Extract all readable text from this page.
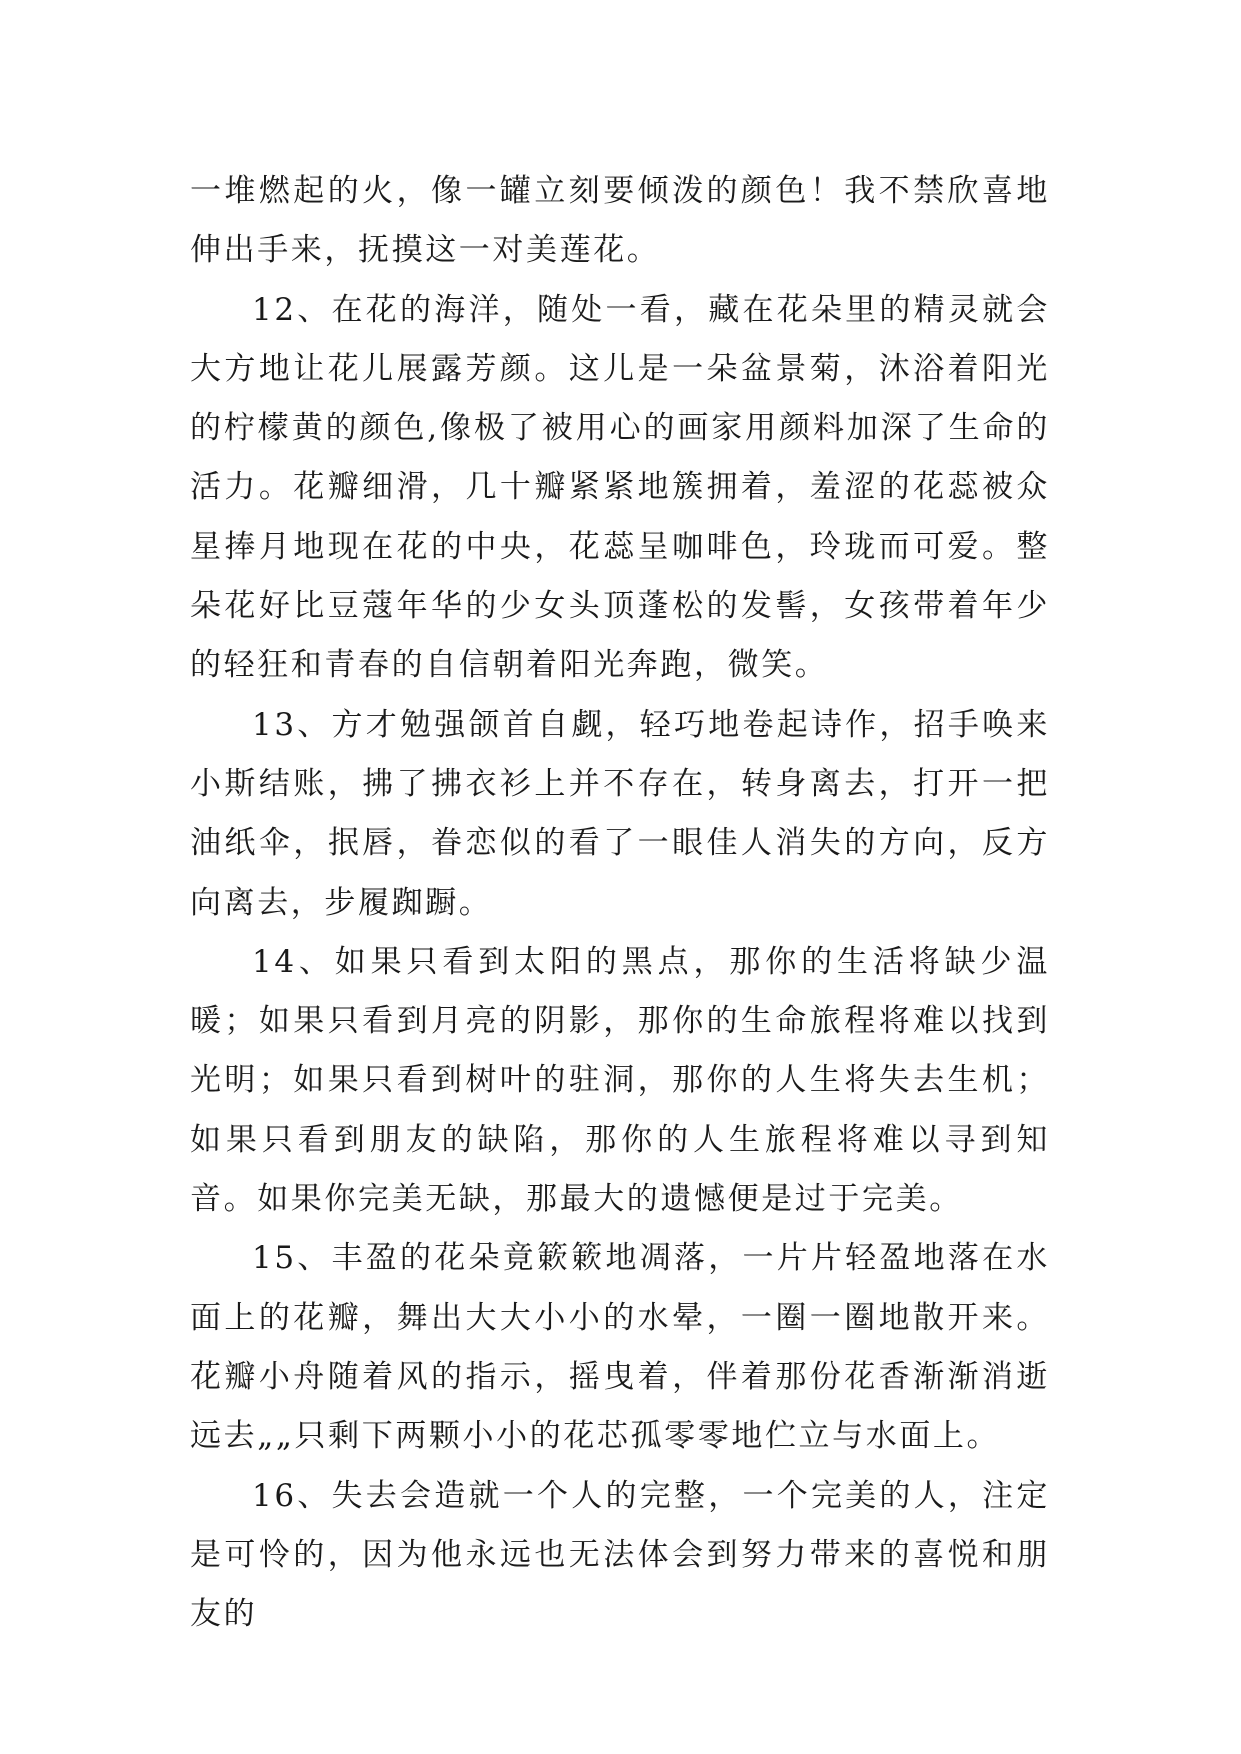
一堆燃起的火，像一罐立刻要倾泼的颜色！我不禁欣喜地伸出手来，抚摸这一对美莲花。

12、在花的海洋，随处一看，藏在花朵里的精灵就会大方地让花儿展露芳颜。这儿是一朵盆景菊，沐浴着阳光的柠檬黄的颜色,像极了被用心的画家用颜料加深了生命的活力。花瓣细滑，几十瓣紧紧地簇拥着，羞涩的花蕊被众星捧月地现在花的中央，花蕊呈咖啡色，玲珑而可爱。整朵花好比豆蔻年华的少女头顶蓬松的发髻，女孩带着年少的轻狂和青春的自信朝着阳光奔跑，微笑。

13、方才勉强颌首自觑，轻巧地卷起诗作，招手唤来小斯结账，拂了拂衣衫上并不存在，转身离去，打开一把油纸伞，抿唇，眷恋似的看了一眼佳人消失的方向，反方向离去，步履踟蹰。

14、如果只看到太阳的黑点，那你的生活将缺少温暖；如果只看到月亮的阴影，那你的生命旅程将难以找到光明；如果只看到树叶的驻洞，那你的人生将失去生机；如果只看到朋友的缺陷，那你的人生旅程将难以寻到知音。如果你完美无缺，那最大的遗憾便是过于完美。

15、丰盈的花朵竟簌簌地凋落，一片片轻盈地落在水面上的花瓣，舞出大大小小的水晕，一圈一圈地散开来。花瓣小舟随着风的指示，摇曳着，伴着那份花香渐渐消逝远去„„只剩下两颗小小的花芯孤零零地伫立与水面上。

16、失去会造就一个人的完整，一个完美的人，注定是可怜的，因为他永远也无法体会到努力带来的喜悦和朋友的
